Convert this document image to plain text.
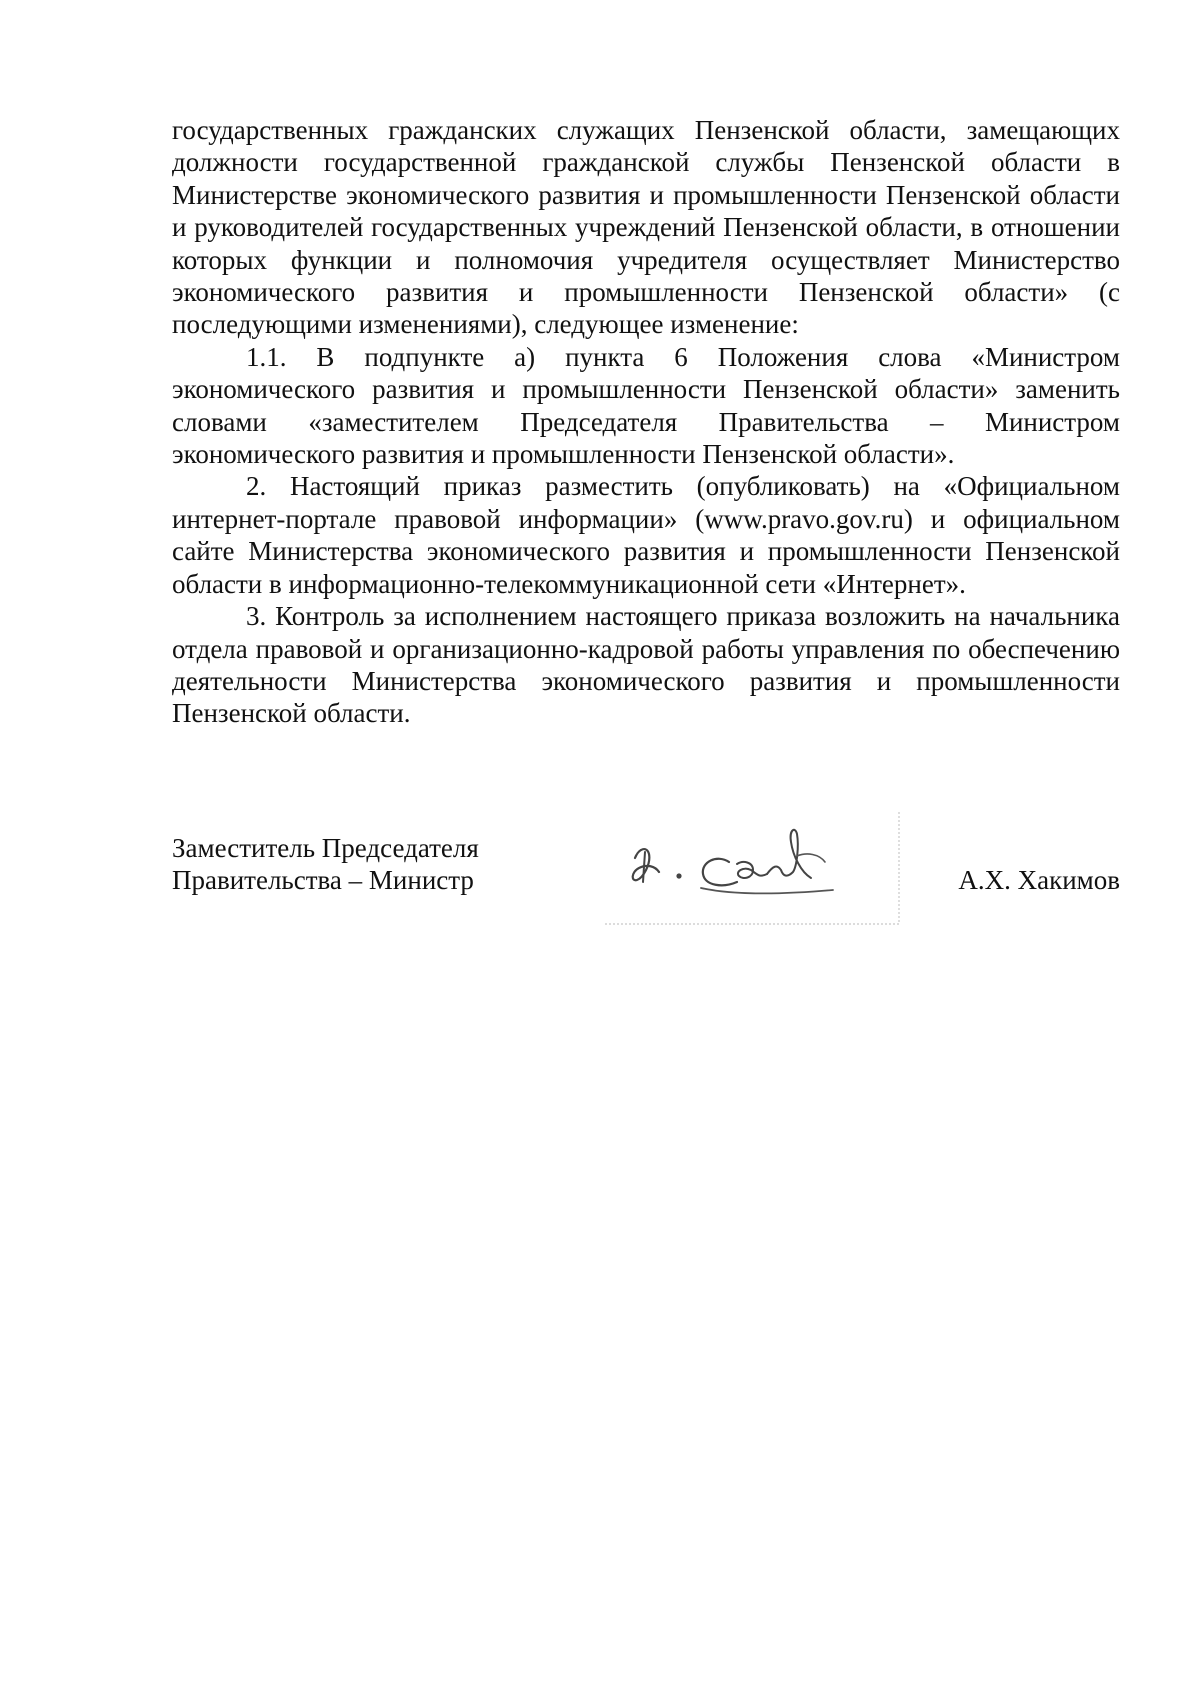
государственных гражданских служащих Пензенской области, замещающих должности государственной гражданской службы Пензенской области в Министерстве экономического развития и промышленности Пензенской области и руководителей государственных учреждений Пензенской области, в отношении которых функции и полномочия учредителя осуществляет Министерство экономического развития и промышленности Пензенской области» (с последующими изменениями), следующее изменение:

1.1. В подпункте а) пункта 6 Положения слова «Министром экономического развития и промышленности Пензенской области» заменить словами «заместителем Председателя Правительства – Министром экономического развития и промышленности Пензенской области».

2. Настоящий приказ разместить (опубликовать) на «Официальном интернет-портале правовой информации» (www.pravo.gov.ru) и официальном сайте Министерства экономического развития и промышленности Пензенской области в информационно-телекоммуникационной сети «Интернет».

3. Контроль за исполнением настоящего приказа возложить на начальника отдела правовой и организационно-кадровой работы управления по обеспечению деятельности Министерства экономического развития и промышленности Пензенской области.

Заместитель Председателя
Правительства – Министр	А.Х. Хакимов
